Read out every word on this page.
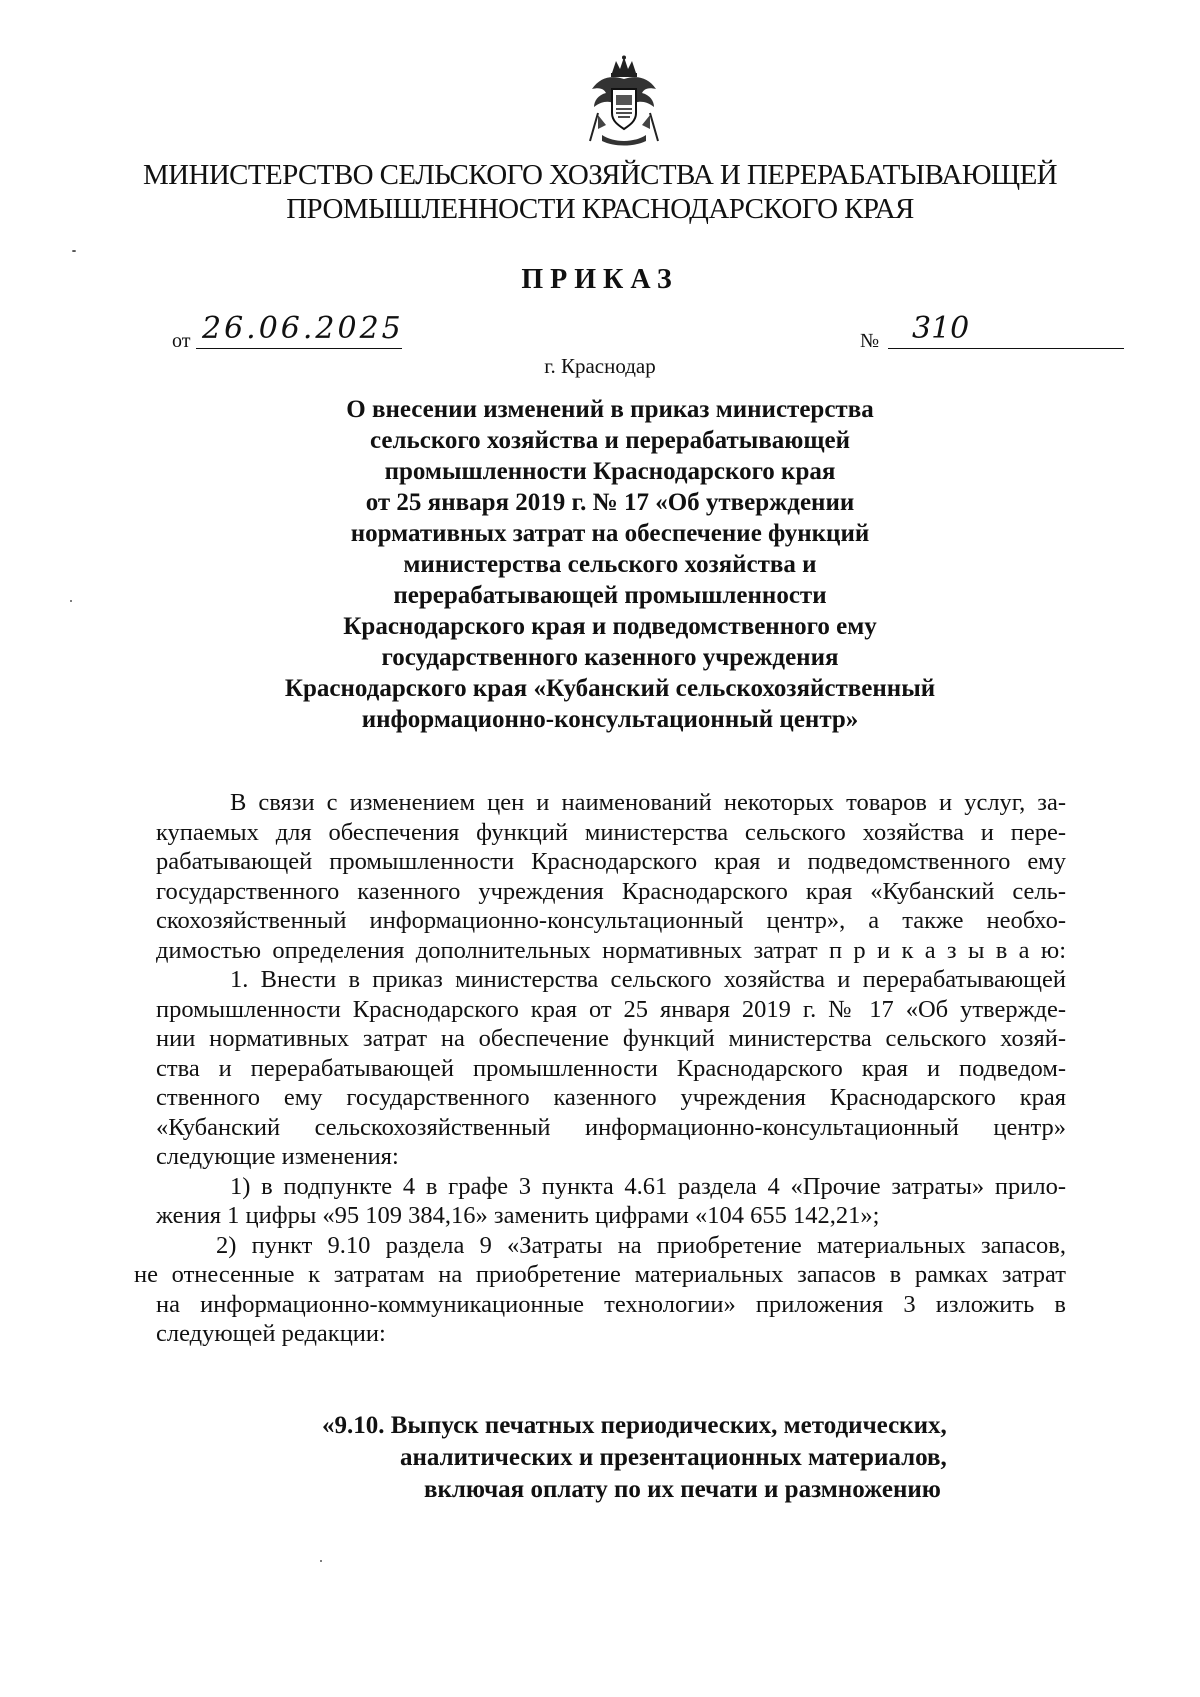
МИНИСТЕРСТВО СЕЛЬСКОГО ХОЗЯЙСТВА И ПЕРЕРАБАТЫВАЮЩЕЙ
ПРОМЫШЛЕННОСТИ КРАСНОДАРСКОГО КРАЯ
ПРИКАЗ
от 26.06.2025	№	310
г. Краснодар
О внесении изменений в приказ министерства
сельского хозяйства и перерабатывающей
промышленности Краснодарского края
от 25 января 2019 г. № 17 «Об утверждении
нормативных затрат на обеспечение функций
министерства сельского хозяйства и
перерабатывающей промышленности
Краснодарского края и подведомственного ему
государственного казенного учреждения
Краснодарского края «Кубанский сельскохозяйственный
информационно-консультационный центр»
В связи с изменением цен и наименований некоторых товаров и услуг, за-
купаемых для обеспечения функций министерства сельского хозяйства и пере-
рабатывающей промышленности Краснодарского края и подведомственного ему
государственного казенного учреждения Краснодарского края «Кубанский сель-
скохозяйственный информационно-консультационный центр», а также необхо-
димостью определения дополнительных нормативных затрат п р и к а з ы в а ю:
1. Внести в приказ министерства сельского хозяйства и перерабатывающей
промышленности Краснодарского края от 25 января 2019 г. № 17 «Об утвержде-
нии нормативных затрат на обеспечение функций министерства сельского хозяй-
ства и перерабатывающей промышленности Краснодарского края и подведом-
ственного ему государственного казенного учреждения Краснодарского края
«Кубанский сельскохозяйственный информационно-консультационный центр»
следующие изменения:
1) в подпункте 4 в графе 3 пункта 4.61 раздела 4 «Прочие затраты» прило-
жения 1 цифры «95 109 384,16» заменить цифрами «104 655 142,21»;
2) пункт 9.10 раздела 9 «Затраты на приобретение материальных запасов,
не отнесенные к затратам на приобретение материальных запасов в рамках затрат
на информационно-коммуникационные технологии» приложения 3 изложить в
следующей редакции:
«9.10. Выпуск печатных периодических, методических,
аналитических и презентационных материалов,
включая оплату по их печати и размножению
